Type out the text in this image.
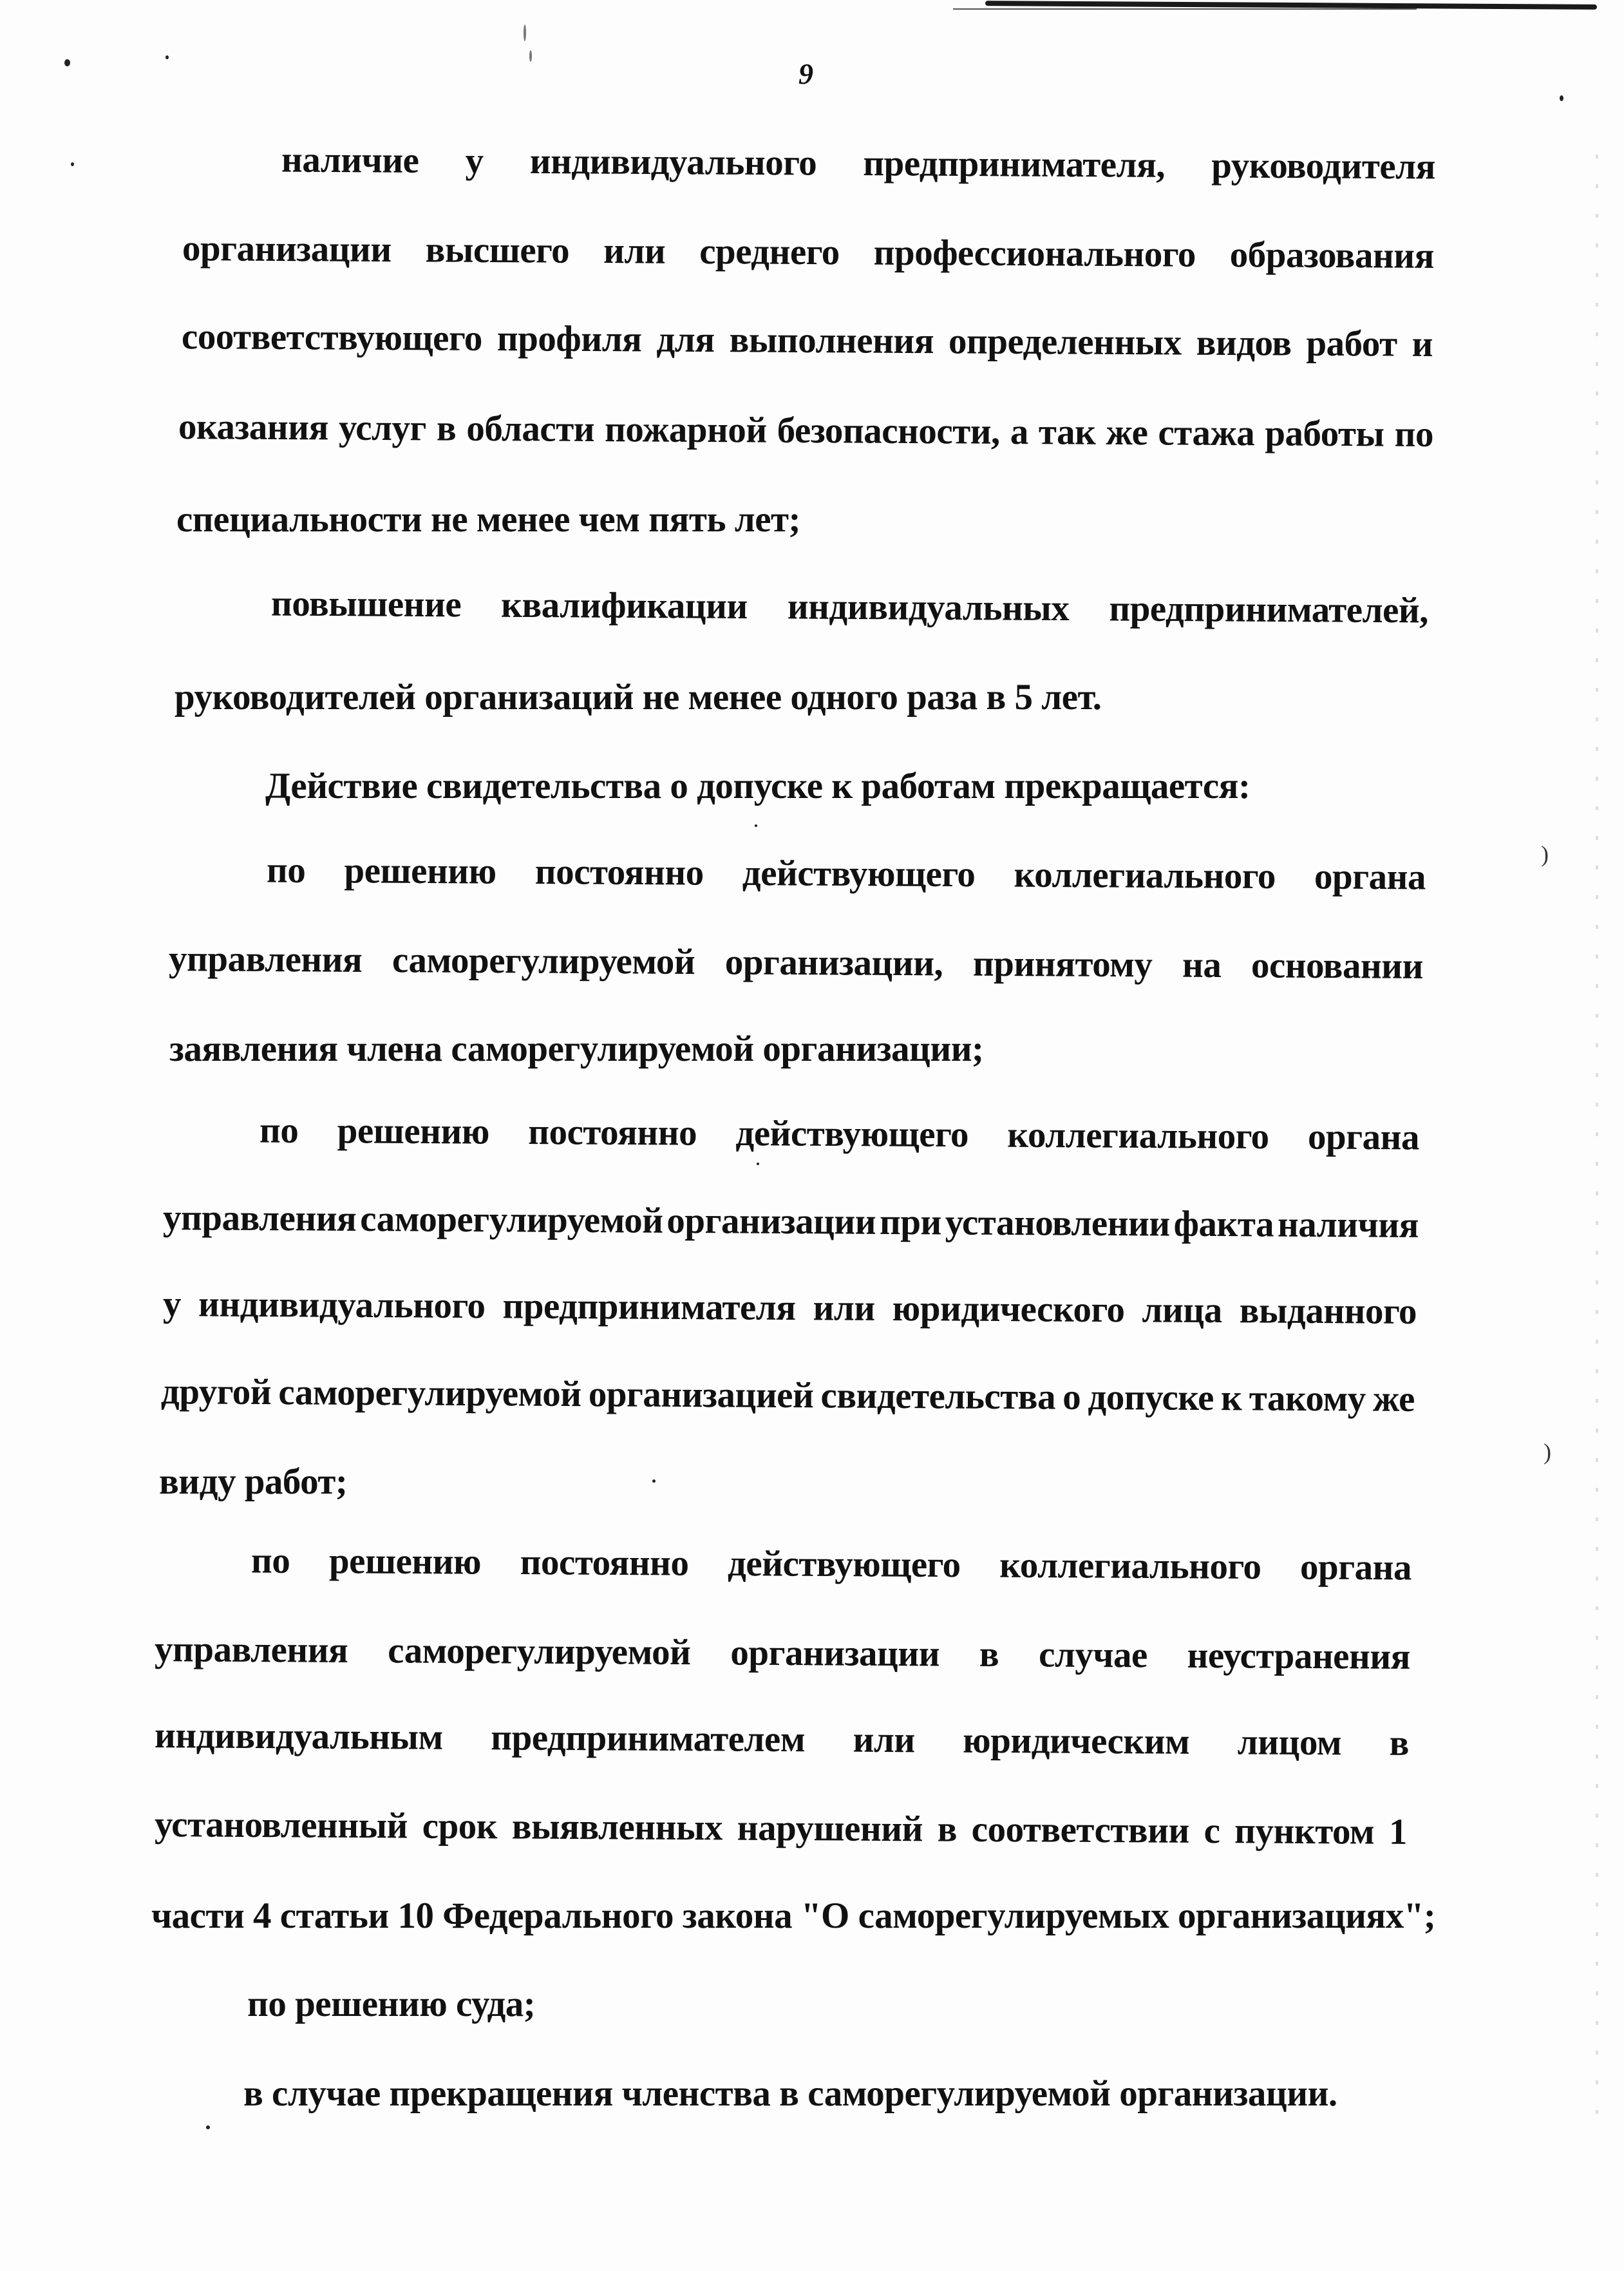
)
)
9
наличие у индивидуального предпринимателя, руководителя
организации высшего или среднего профессионального образования
соответствующего профиля для выполнения определенных видов работ и
оказания услуг в области пожарной безопасности, а так же стажа работы по
специальности не менее чем пять лет;
повышение квалификации индивидуальных предпринимателей,
руководителей организаций не менее одного раза в 5 лет.
Действие свидетельства о допуске к работам прекращается:
по решению постоянно действующего коллегиального органа
управления саморегулируемой организации, принятому на основании
заявления члена саморегулируемой организации;
по решению постоянно действующего коллегиального органа
управления саморегулируемой организации при установлении факта наличия
у индивидуального предпринимателя или юридического лица выданного
другой саморегулируемой организацией свидетельства о допуске к такому же
виду работ;
по решению постоянно действующего коллегиального органа
управления саморегулируемой организации в случае неустранения
индивидуальным предпринимателем или юридическим лицом в
установленный срок выявленных нарушений в соответствии с пунктом 1
части 4 статьи 10 Федерального закона "О саморегулируемых организациях";
по решению суда;
в случае прекращения членства в саморегулируемой организации.
